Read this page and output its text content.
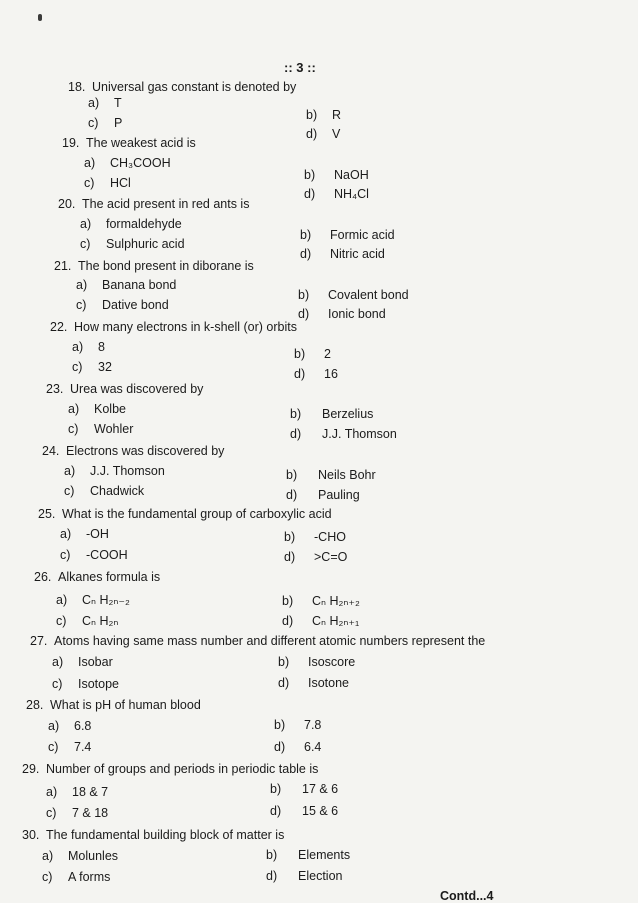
:: 3 ::
18. Universal gas constant is denoted by
a) T
c) P
b) R
d) V
19. The weakest acid is
a) CH₃COOH
c) HCl
b) NaOH
d) NH₄Cl
20. The acid present in red ants is
a) formaldehyde
c) Sulphuric acid
b) Formic acid
d) Nitric acid
21. The bond present in diborane is
a) Banana bond
c) Dative bond
b) Covalent bond
d) Ionic bond
22. How many electrons in k-shell (or) orbits
a) 8
c) 32
b) 2
d) 16
23. Urea was discovered by
a) Kolbe
c) Wohler
b) Berzelius
d) J.J. Thomson
24. Electrons was discovered by
a) J.J. Thomson
c) Chadwick
b) Neils Bohr
d) Pauling
25. What is the fundamental group of carboxylic acid
a) -OH
c) -COOH
b) -CHO
d) >C=O
26. Alkanes formula is
a) Cₙ H₂ₙ₋₂
c) Cₙ H₂ₙ
b) Cₙ H₂ₙ₊₂
d) Cₙ H₂ₙ₊₁
27. Atoms having same mass number and different atomic numbers represent the
a) Isobar
c) Isotope
b) Isoscore
d) Isotone
28. What is pH of human blood
a) 6.8
c) 7.4
b) 7.8
d) 6.4
29. Number of groups and periods in periodic table is
a) 18 & 7
c) 7 & 18
b) 17 & 6
d) 15 & 6
30. The fundamental building block of matter is
a) Molunles
c) A forms
b) Elements
d) Election
Contd...4
